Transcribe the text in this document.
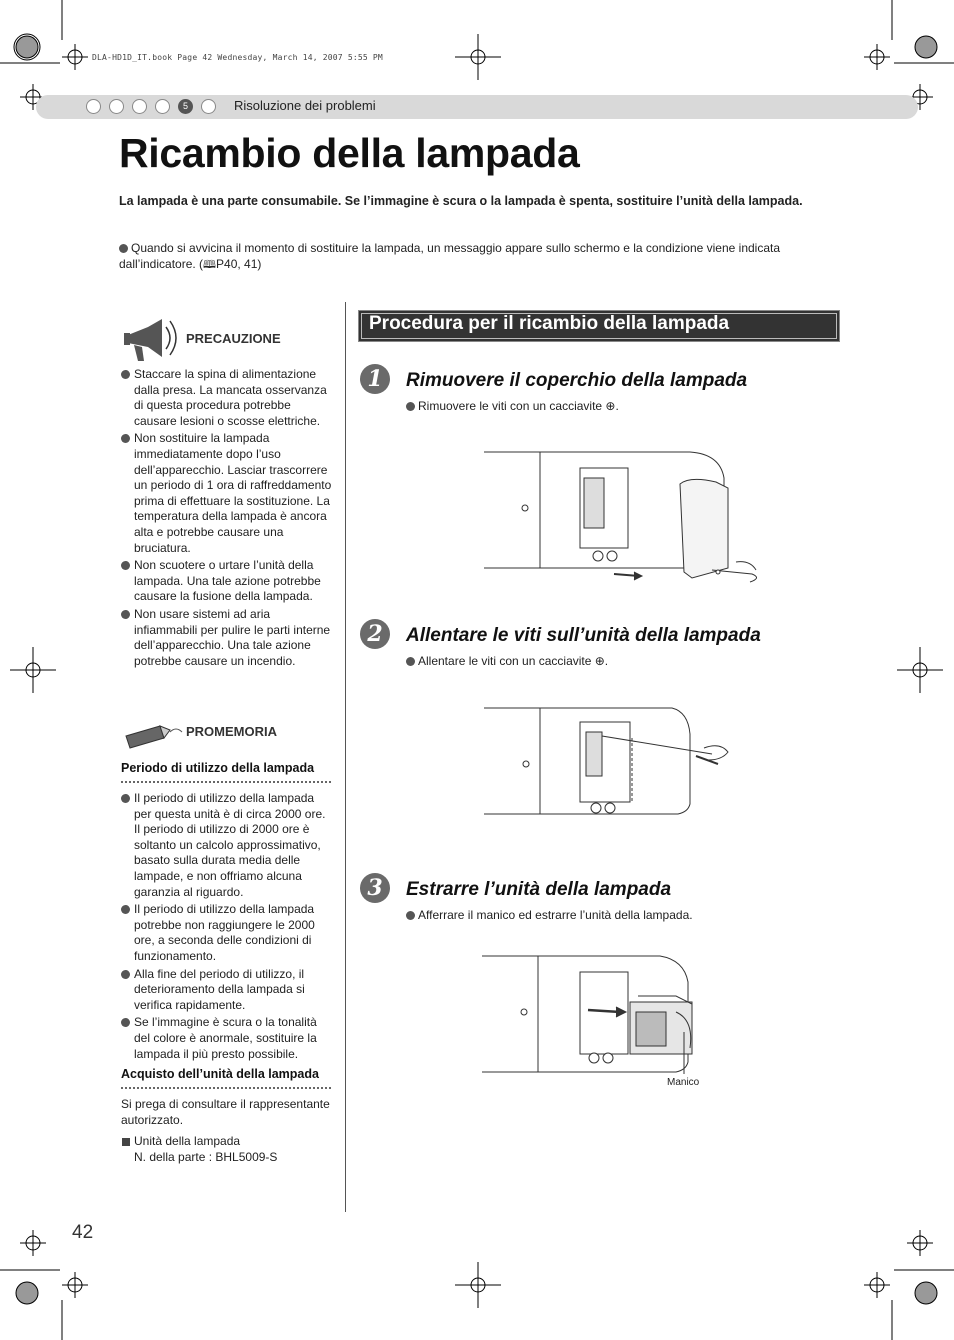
DLA-HD1D_IT.book Page 42 Wednesday, March 14, 2007 5:55 PM
5	Risoluzione dei problemi
Ricambio della lampada
La lampada è una parte consumabile. Se l’immagine è scura o la lampada è spenta, sostituire l’unità della lampada.
Quando si avvicina il momento di sostituire la lampada, un messaggio appare sullo schermo e la condizione viene indicata dall’indicatore. (🕮P40, 41)
PRECAUZIONE
Staccare la spina di alimentazione dalla presa. La mancata osservanza di questa procedura potrebbe causare lesioni o scosse elettriche.
Non sostituire la lampada immediatamente dopo l’uso dell’apparecchio. Lasciar trascorrere un periodo di 1 ora di raffreddamento prima di effettuare la sostituzione. La temperatura della lampada è ancora alta e potrebbe causare una bruciatura.
Non scuotere o urtare l’unità della lampada. Una tale azione potrebbe causare la fusione della lampada.
Non usare sistemi ad aria infiammabili per pulire le parti interne dell’apparecchio. Una tale azione potrebbe causare un incendio.
PROMEMORIA
Periodo di utilizzo della lampada
Il periodo di utilizzo della lampada per questa unità è di circa 2000 ore. Il periodo di utilizzo di 2000 ore è soltanto un calcolo approssimativo, basato sulla durata media delle lampade, e non offriamo alcuna garanzia al riguardo.
Il periodo di utilizzo della lampada potrebbe non raggiungere le 2000 ore, a seconda delle condizioni di funzionamento.
Alla fine del periodo di utilizzo, il deterioramento della lampada si verifica rapidamente.
Se l’immagine è scura o la tonalità del colore è anormale, sostituire la lampada il più presto possibile.
Acquisto dell’unità della lampada
Si prega di consultare il rappresentante autorizzato.
Unità della lampada
N. della parte : BHL5009-S
Procedura per il ricambio della lampada
1	Rimuovere il coperchio della lampada
Rimuovere le viti con un cacciavite ⊕.
2	Allentare le viti sull’unità della lampada
Allentare le viti con un cacciavite ⊕.
3	Estrarre l’unità della lampada
Afferrare il manico ed estrarre l’unità della lampada.
Manico
42
